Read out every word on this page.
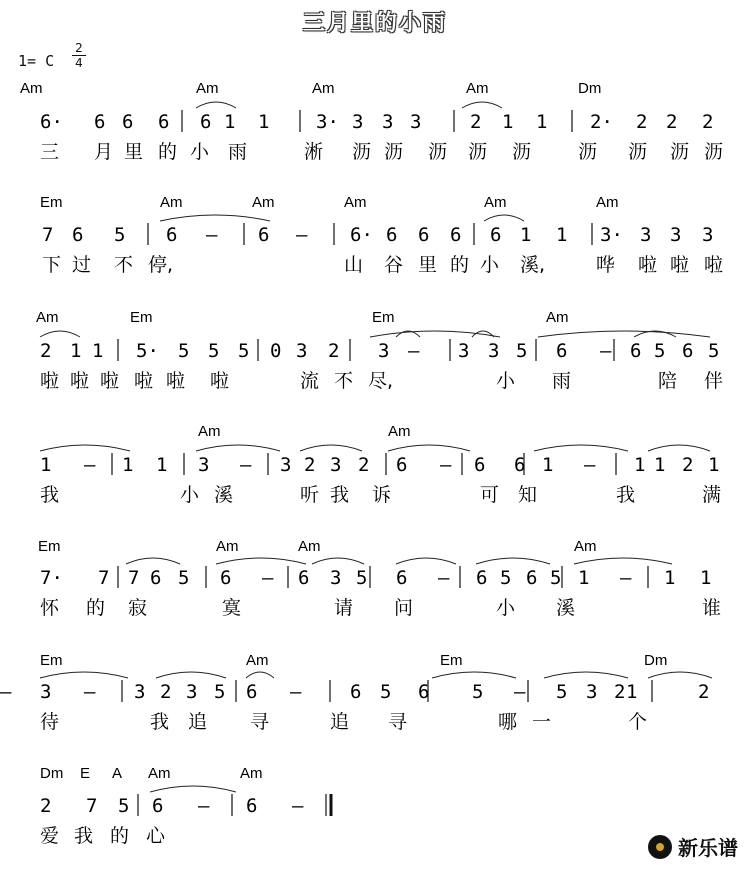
三月里的小雨
1= C
2
4
Am	Am	Am	Am	Dm
6· 6 6 6 6 1 1 3· 3 3 3	2 1 1 2· 2 2 2
三 月 里 的 小 雨	淅 沥 沥 沥 沥 沥 沥 沥 沥 沥
Em	Am	Am	Am	Am	Am
7 6 5 6 — 6 — 6· 6 6 6 6 1 1 3· 3 3 3
下 过 不 停,	山 谷 里 的 小 溪,	哗 啦 啦 啦
Am	Em	Em	Am
2 1 1 5· 5 5 5 0 3 2 3 — 3 3 5 6 — 6 5 6 5
啦 啦 啦 啦 啦 啦	流 不 尽,	小 雨	陪 伴
Am	Am
1 — 1 1 3 — 3 2 3 2 6 — 6 6 1 — 1 1 2 1
我	小 溪	听 我 诉	可 知	我	满
Em	Am	Am	Am
7· 7 7 6 5 6 — 6 3 5 6 — 6 5 6 5 1 — 1 1
怀 的 寂	寞	请 问	小 溪	谁
Em	Am	Em	Dm
3 — 3 2 3 5 6 —	6 5 6 5 — 5 3 2 1	2
—
待	我 追 寻	追 寻	哪 一	个
Dm E A Am	Am
2 7 5 6 — 6 —
爱 我 的 心	新乐谱
